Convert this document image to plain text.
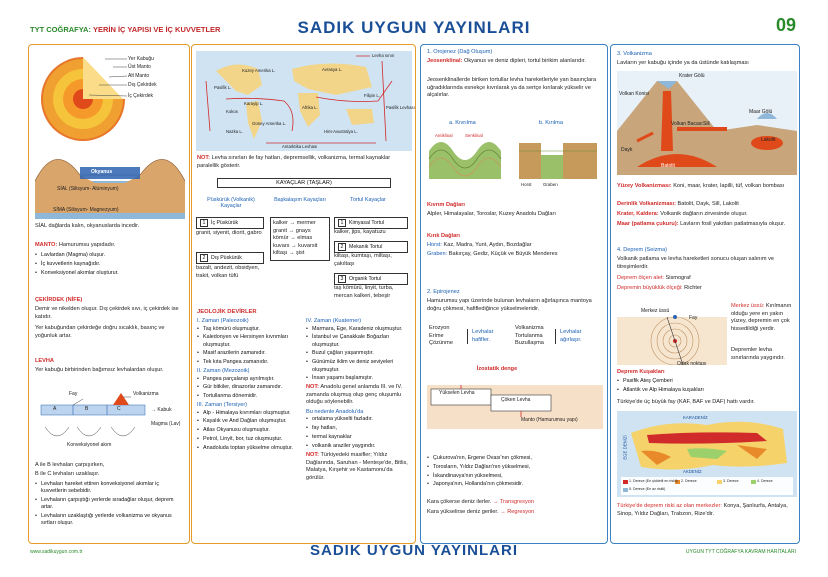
TYT COĞRAFYA: YERİN İÇ YAPISI VE İÇ KUVVETLER	SADIK UYGUN YAYINLARI	09
Yer Kabuğu
Üst Manto
Alt Manto
Dış Çekirdek
İç Çekirdek
Okyanus
SİAL (Silisyum- Alüminyum)
SİMA (Silisyum- Magnezyum)
SİAL dağlarda kalın, okyanuslarda incedir.
MANTO: Hamurumsu yapıdadır.
• Lavlardan (Magma) oluşur.
• İç kuvvetlerin kaynağıdır.
• Konveksiyonel akımlar oluşturur.
ÇEKİRDEK (NİFE)
Demir ve nikelden oluşur. Dış çekirdek sıvı, iç çekirdek ise katıdır.
Yer kabuğundan çekirdeğe doğru sıcaklık, basınç ve yoğunluk artar.
LEVHA
Yer kabuğu birbirinden bağımsız levhalardan oluşur.
Fay	Volkanizma
A	B	C	→ Kabuk
Magma (Lav)
Konveksiyonel akım
A ile B levhaları çarpışırken,
B ile C levhaları uzaklaşır.
• Levhaları hareket ettiren konveksiyonel akımlar iç kuvvetlerin sebebidir.
• Levhaların çarpıştığı yerlerde sıradağlar oluşur, deprem artar.
• Levhaların uzaklaştığı yerlerde volkanizma ve okyanus sırtları oluşur.
Levha sınırı
Avrasya L.
Kuzey Amerika L.
Karayip L.
Kokos
Güney Amerika L.
Afrika L.
Hint-Avustralya L.
Pasifik L.
Antarktika Levhası
Filipin L.
Pasifik Levhası
Nazka L.
NOT: Levha sınırları ile fay hatları, depremsellik, volkanizma, termal kaynaklar paralellik gösterir.
KAYAÇLAR (TAŞLAR)
Püskürük (Volkanik) Kayaçlar
Başkalaşım Kayaçları	Tortul Kayaçlar
1 İç Püskürük
granit, siyenit, diorit, gabro
2 Dış Püskürük
bazalt, andezit, obsidyen, trakit, volkan tüfü
kalker → mermer
granit → gnays
kömür → elmas
kuvars → kuvarsit
kiltaşı → şist
1 Kimyasal Tortul
kalker, jips, kayatuzu
2 Mekanik Tortul
kiltaşı, kumtaşı, miltaşı, çakıltaşı
3 Organik Tortul
taş kömürü, linyit, turba, mercan kalkeri, tebeşir
JEOLOJİK DEVİRLER
I. Zaman (Paleozoik)
• Taş kömürü oluşmuştur.
• Kaledonyen ve Hersinyen kıvrımları oluşmuştur.
• Masif arazilerin zamanıdır.
• Tek kıta Pangea zamanıdır.
II. Zaman (Mezozoik)
• Pangea parçalanıp ayrılmıştır.
• Gür bitkiler, dinazorlar zamanıdır.
• Tortullanma dönemidir.
III. Zaman (Tersiyer)
• Alp - Himalaya kıvrımları oluşmuştur.
• Kayalık ve And Dağları oluşmuştur.
• Atlas Okyanusu oluşmuştur.
• Petrol, Linyit, bor, tuz oluşmuştur.
• Anadoluda toptan yükselme olmuştur.
IV. Zaman (Kuaterner)
• Marmara, Ege, Karadeniz oluşmuştur.
• İstanbul ve Çanakkale Boğazları oluşmuştur.
• Buzul çağları yaşanmıştır.
• Günümüz iklim ve deniz seviyeleri oluşmuştur.
• İnsan yaşamı başlamıştır.
NOT: Anadolu genel anlamda III. ve IV. zamanda oluşmuş olup genç oluşumlu olduğu söylenebilir.
Bu nedenle Anadolu'da
• ortalama yükselti fazladır.
• fay hatları,
• termal kaynaklar
• volkanik araziler yaygındır.
NOT: Türkiyedeki masifler; Yıldız Dağlarında, Saruhan - Menteşe'de, Bitlis, Malatya, Kırşehir ve Kastamonu'da görülür.
1. Orojenez (Dağ Oluşum)
Jeosenklinal: Okyanus ve deniz dipleri, tortul birikim alanlarıdır.
Jeosenklinallerde biriken tortullar levha hareketleriyle yan basınçlara uğradıklarında esnekçe kıvrılarak ya da sertçe kırılarak yükselir ve alçalırlar.
a. Kıvrılma	b. Kırılma
Antiklinal	Senklinal
Horst	Graben
Kıvrım Dağları
Alpler, Himalayalar, Toroslar, Kuzey Anadolu Dağları
Kırık Dağları
Horst: Kaz, Madra, Yunt, Aydın, Bozdağlar
Graben: Bakırçay, Gediz, Küçük ve Büyük Menderes
2. Epirojenez
Hamurumsu yapı üzerinde bulunan levhaların ağırlaşınca mantoya doğru çökmesi, hafiflediğince yükselmeleridir.
Erozyon
Erime
Çözünme
Levhalar hafifler.
Volkanizma
Tortulanma
Buzullaşma
Levhalar ağırlaşır.
İzostatik denge
Yükselen Levha
Çöken Levha
Manto (Hamurumsu yapı)
• Çukurova'nın, Ergene Ovası'nın çökmesi,
• Torosların, Yıldız Dağları'nın yükselmesi,
• İskandinavya'nın yükselmesi,
• Japonya'nın, Hollanda'nın çökmesidir.
Kara çökerse deniz ilerler. → Transgresyon
Kara yükselirse deniz geriler. → Regresyon
3. Volkanizma
Lavların yer kabuğu içinde ya da üstünde katılaşması
Krater Gölü
Volkan Konisi
Volkan Bacası Sill
Maar Gölü
Lakolit
Dayk
Batolit
Yüzey Volkanizması: Koni, maar, krater, lapilli, tüf, volkan bombası
Derinlik Volkanizması: Batolit, Dayk, Sill, Lakolit
Krater, Kaldera: Volkanik dağların zirvesinde oluşur.
Maar (patlama çukuru): Lavların fosil yakıtları patlatmasıyla oluşur.
4. Deprem (Seizma)
Volkanik patlama ve levha hareketleri sonucu oluşan salınım ve titreşimlerdir.
Deprem ölçen alet: Sismograf
Depremin büyüklük ölçeği: Richter
Merkez üssü
Fay
Odak noktası
Merkez üssü: Kırılmanın olduğu yere en yakın yüzey, depremin en çok hissedildiği yerdir.
Depremler levha sınırlarında yaygındır.
Deprem Kuşakları
• Pasifik Ateş Çemberi
• Atlantik ve Alp Himalaya kuşakları
Türkiye'de üç büyük fay (KAF, BAF ve DAF) hattı vardır.
KARADENİZ
AKDENİZ
EGE DENİZİ
1. Derece (En şiddetli en riskli) 2. Derece	3. Derece	4. Derece
5. Derece (En az riskli)
Türkiye'de deprem riski az olan merkezler: Konya, Şanlıurfa, Antalya, Sinop, Yıldız Dağları, Trabzon, Rize'dir.
www.sadikuygun.com.tr	SADIK UYGUN YAYINLARI	UYGUN TYT COĞRAFYA KAVRAM HARİTALARI
